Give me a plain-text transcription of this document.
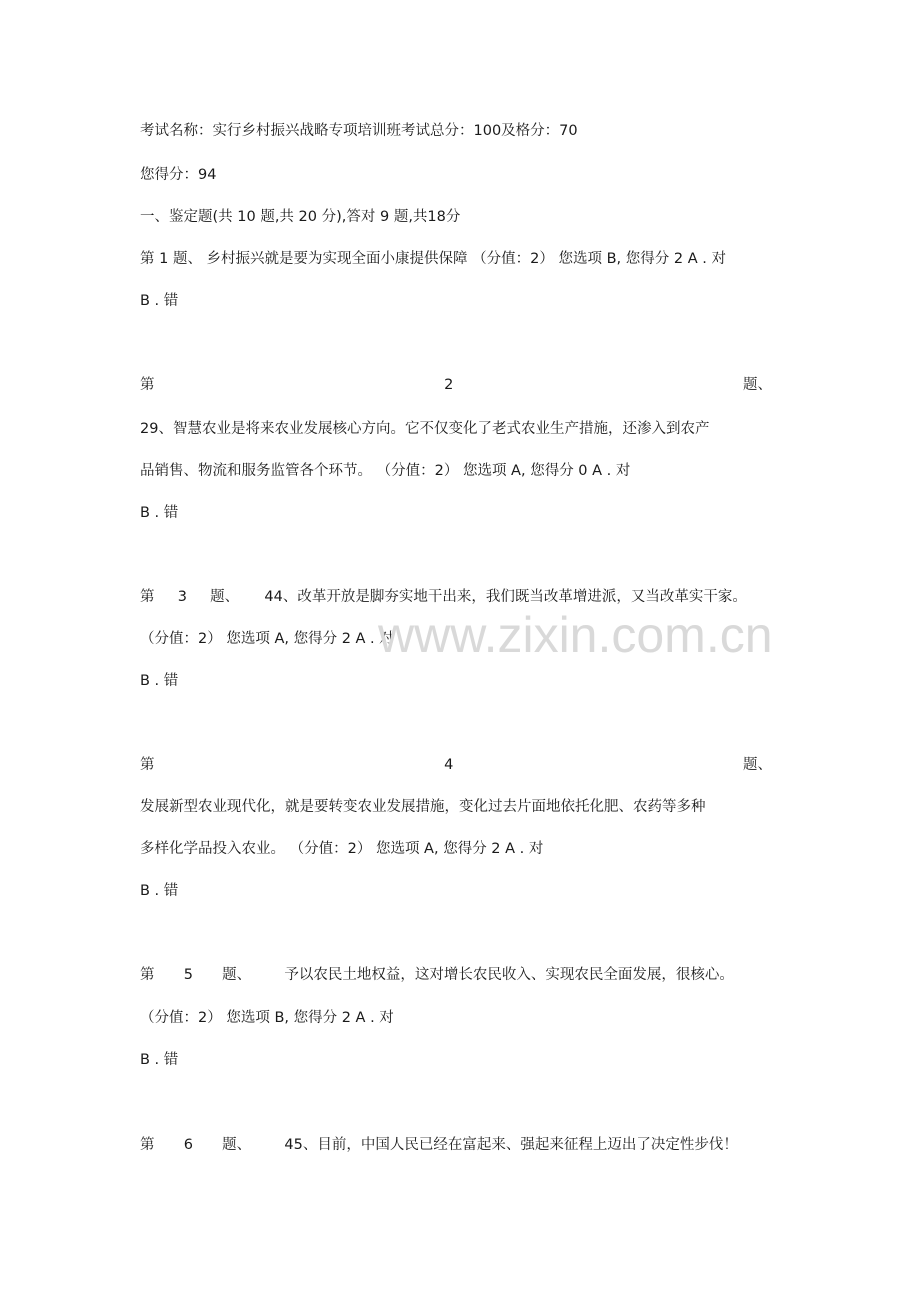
考试名称：实行乡村振兴战略专项培训班考试总分：100及格分：70
您得分：94
一、鉴定题(共 10 题,共 20 分),答对 9 题,共18分
第 1 题、 乡村振兴就是要为实现全面小康提供保障 （分值：2） 您选项 B, 您得分 2 A . 对
B . 错
第	2	题、
29、智慧农业是将来农业发展核心方向。它不仅变化了老式农业生产措施，还渗入到农产
品销售、物流和服务监管各个环节。 （分值：2） 您选项 A, 您得分 0 A . 对
B . 错
第 3 题、 44、改革开放是脚夯实地干出来，我们既当改革增进派，又当改革实干家。
（分值：2） 您选项 A, 您得分 2 A . 对
B . 错
第	4	题、
发展新型农业现代化，就是要转变农业发展措施，变化过去片面地依托化肥、农药等多种
多样化学品投入农业。 （分值：2） 您选项 A, 您得分 2 A . 对
B . 错
第 5 题、 予以农民土地权益，这对增长农民收入、实现农民全面发展，很核心。
（分值：2） 您选项 B, 您得分 2 A . 对
B . 错
第 6 题、 45、目前，中国人民已经在富起来、强起来征程上迈出了决定性步伐！
www.zixin.com.cn
